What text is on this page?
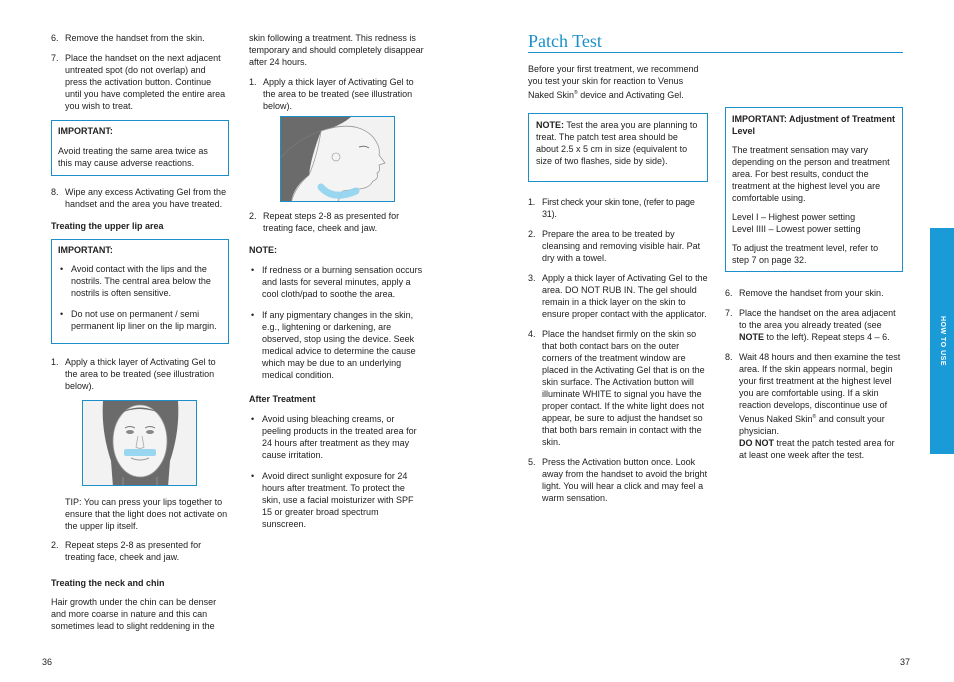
6. Remove the handset from the skin.
7. Place the handset on the next adjacent untreated spot (do not overlap) and press the activation button. Continue until you have completed the entire area you wish to treat.
IMPORTANT:
Avoid treating the same area twice as this may cause adverse reactions.
8. Wipe any excess Activating Gel from the handset and the area you have treated.
Treating the upper lip area
IMPORTANT:
• Avoid contact with the lips and the nostrils. The central area below the nostrils is often sensitive.
• Do not use on permanent / semi permanent lip liner on the lip margin.
1. Apply a thick layer of Activating Gel to the area to be treated (see illustration below).
TIP: You can press your lips together to ensure that the light does not activate on the upper lip itself.
2. Repeat steps 2-8 as presented for treating face, cheek and jaw.
Treating the neck and chin
Hair growth under the chin can be denser and more coarse in nature and this can sometimes lead to slight reddening in the

skin following a treatment. This redness is temporary and should completely disappear after 24 hours.

1. Apply a thick layer of Activating Gel to the area to be treated (see illustration below).
2. Repeat steps 2-8 as presented for treating face, cheek and jaw.
NOTE:
• If redness or a burning sensation occurs and lasts for several minutes, apply a cool cloth/pad to soothe the area.
• If any pigmentary changes in the skin, e.g., lightening or darkening, are observed, stop using the device. Seek medical advice to determine the cause which may be due to an underlying medical condition.
After Treatment
• Avoid using bleaching creams, or peeling products in the treated area for 24 hours after treatment as they may cause irritation.
• Avoid direct sunlight exposure for 24 hours after treatment. To protect the skin, use a facial moisturizer with SPF 15 or greater broad spectrum sunscreen.
36
Patch Test

Before your first treatment, we recommend you test your skin for reaction to Venus Naked Skin® device and Activating Gel.

NOTE: Test the area you are planning to treat. The patch test area should be about 2.5 x 5 cm in size (equivalent to size of two flashes, side by side).
1. First check your skin tone, (refer to page 31).
2. Prepare the area to be treated by cleansing and removing visible hair. Pat dry with a towel.
3. Apply a thick layer of Activating Gel to the area. DO NOT RUB IN. The gel should remain in a thick layer on the skin to ensure proper contact with the applicator.
4. Place the handset firmly on the skin so that both contact bars on the outer corners of the treatment window are placed in the Activating Gel that is on the skin surface. The Activation button will illuminate WHITE to signal you have the proper contact. If the white light does not appear, be sure to adjust the handset so that both bars remain in contact with the skin.
5. Press the Activation button once. Look away from the handset to avoid the bright light. You will hear a click and may feel a warm sensation.
IMPORTANT: Adjustment of Treatment Level

The treatment sensation may vary depending on the person and treatment area. For best results, conduct the treatment at the highest level you are comfortable using.

Level I – Highest power setting
Level IIII – Lowest power setting
To adjust the treatment level, refer to step 7 on page 32.
6. Remove the handset from your skin.
7. Place the handset on the area adjacent to the area you already treated (see NOTE to the left). Repeat steps 4 – 6.
8. Wait 48 hours and then examine the test area. If the skin appears normal, begin your first treatment at the highest level you are comfortable using. If a skin reaction develops, discontinue use of Venus Naked Skin® and consult your physician.
DO NOT treat the patch tested area for at least one week after the test.
HOW TO USE
37
